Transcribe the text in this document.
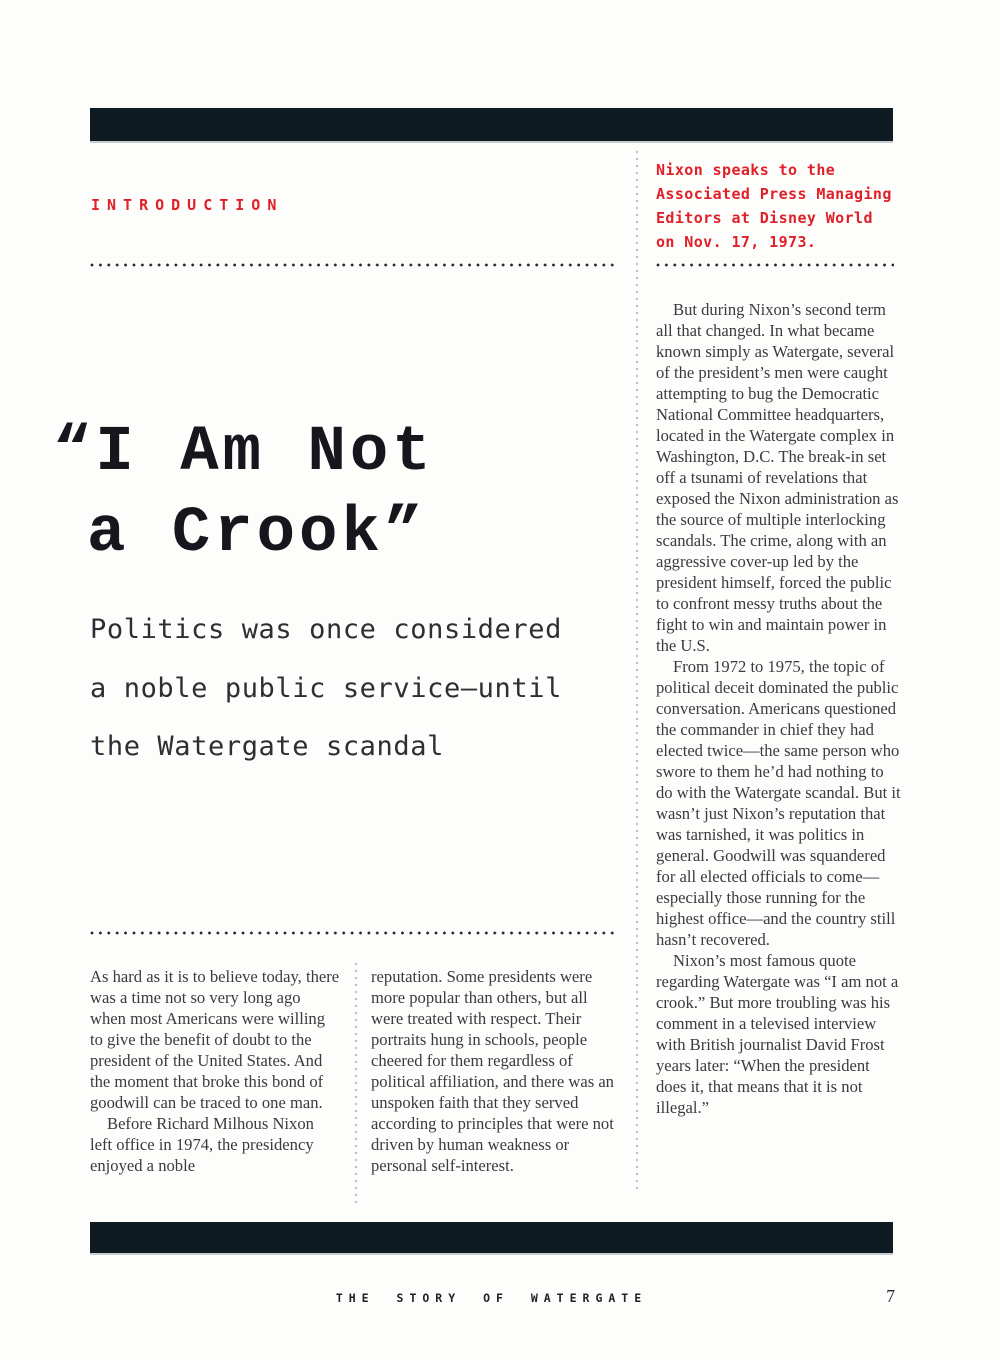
INTRODUCTION
Nixon speaks to the
Associated Press Managing
Editors at Disney World
on Nov. 17, 1973.
“I Am Not
a Crook”
Politics was once considered
a noble public service—until
the Watergate scandal

As hard as it is to believe today, there was a time not so very long ago when most Americans were willing to give the benefit of doubt to the president of the United States. And the moment that broke this bond of goodwill can be traced to one man.

Before Richard Milhous Nixon left office in 1974, the presidency enjoyed a noble

reputation. Some presidents were more popular than others, but all were treated with respect. Their portraits hung in schools, people cheered for them regardless of political affiliation, and there was an unspoken faith that they served according to principles that were not driven by human weakness or personal self-interest.

But during Nixon’s second term all that changed. In what became known simply as Watergate, several of the president’s men were caught attempting to bug the Democratic National Committee headquarters, located in the Watergate complex in Washington, D.C. The break-in set off a tsunami of revelations that exposed the Nixon administration as the source of multiple interlocking scandals. The crime, along with an aggressive cover-up led by the president himself, forced the public to confront messy truths about the fight to win and maintain power in the U.S.

From 1972 to 1975, the topic of political deceit dominated the public conversation. Americans questioned the commander in chief they had elected twice—the same person who swore to them he’d had nothing to do with the Watergate scandal. But it wasn’t just Nixon’s reputation that was tarnished, it was politics in general. Goodwill was squandered for all elected officials to come—especially those running for the highest office—and the country still hasn’t recovered.

Nixon’s most famous quote regarding Watergate was “I am not a crook.” But more troubling was his comment in a televised interview with British journalist David Frost years later: “When the president does it, that means that it is not illegal.”

THE STORY OF WATERGATE	7
